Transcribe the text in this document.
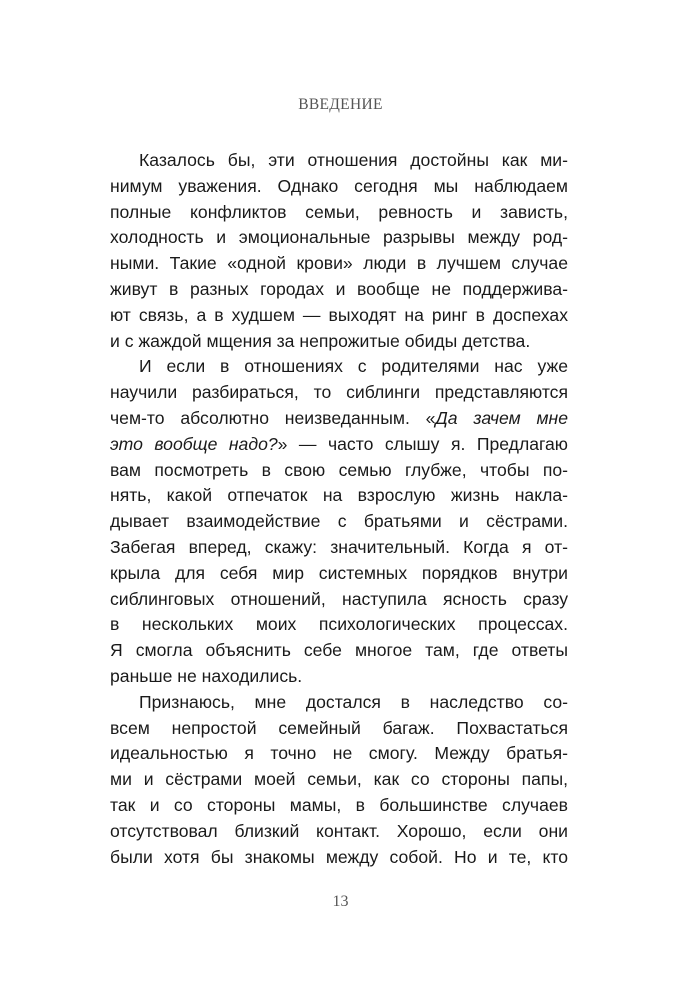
ВВЕДЕНИЕ
Казалось бы, эти отношения достойны как ми-
нимум уважения. Однако сегодня мы наблюдаем
полные конфликтов семьи, ревность и зависть,
холодность и эмоциональные разрывы между род-
ными. Такие «одной крови» люди в лучшем случае
живут в разных городах и вообще не поддержива-
ют связь, а в худшем — выходят на ринг в доспехах
и с жаждой мщения за непрожитые обиды детства.
И если в отношениях с родителями нас уже
научили разбираться, то сиблинги представляются
чем-то абсолютно неизведанным. «Да зачем мне
это вообще надо?» — часто слышу я. Предлагаю
вам посмотреть в свою семью глубже, чтобы по-
нять, какой отпечаток на взрослую жизнь накла-
дывает взаимодействие с братьями и сёстрами.
Забегая вперед, скажу: значительный. Когда я от-
крыла для себя мир системных порядков внутри
сиблинговых отношений, наступила ясность сразу
в нескольких моих психологических процессах.
Я смогла объяснить себе многое там, где ответы
раньше не находились.
Признаюсь, мне достался в наследство со-
всем непростой семейный багаж. Похвастаться
идеальностью я точно не смогу. Между братья-
ми и сёстрами моей семьи, как со стороны папы,
так и со стороны мамы, в большинстве случаев
отсутствовал близкий контакт. Хорошо, если они
были хотя бы знакомы между собой. Но и те, кто
13
